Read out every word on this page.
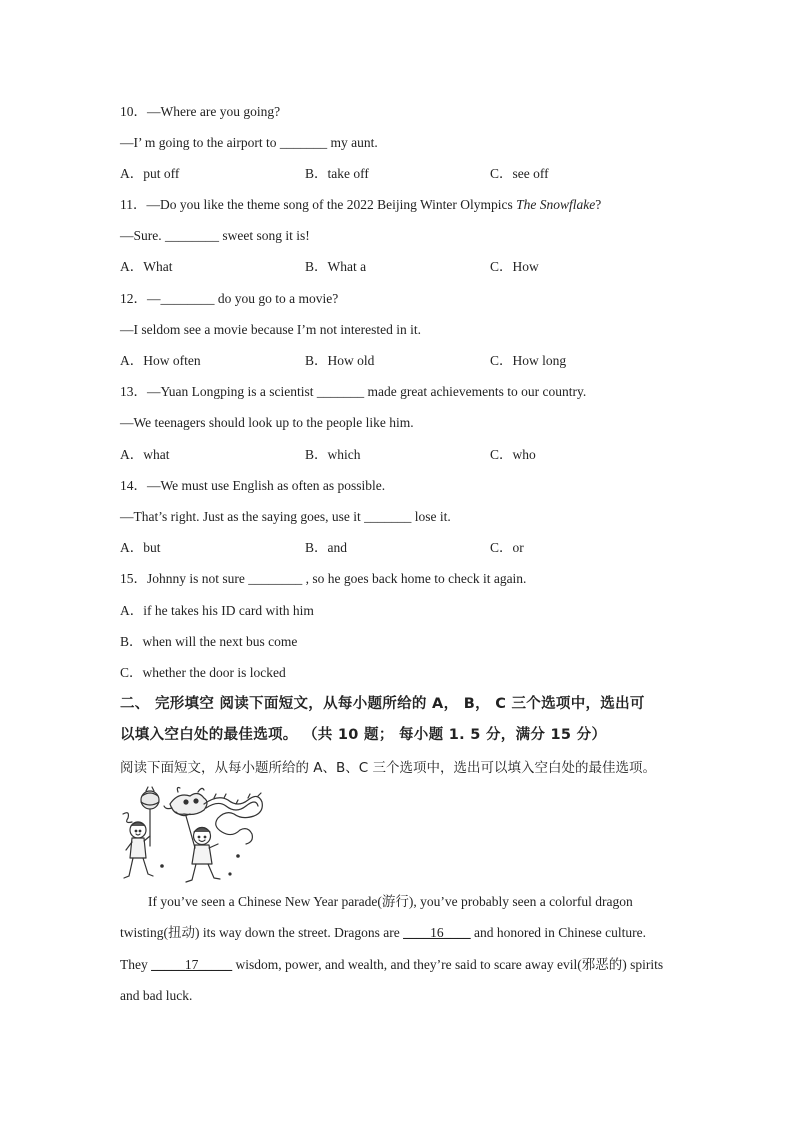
10．—Where are you going?
—I’ m going to the airport to _______ my aunt.
A．put off	B．take off	C．see off
11．—Do you like the theme song of the 2022 Beijing Winter Olympics The Snowflake?
—Sure. ________ sweet song it is!
A．What	B．What a	C．How
12．—________ do you go to a movie?
—I seldom see a movie because I’m not interested in it.
A．How often	B．How old	C．How long
13．—Yuan Longping is a scientist _______ made great achievements to our country.
—We teenagers should look up to the people like him.
A．what	B．which	C．who
14．—We must use English as often as possible.
—That’s right. Just as the saying goes, use it _______ lose it.
A．but	B．and	C．or
15．Johnny is not sure ________ , so he goes back home to check it again.
A．if he takes his ID card with him
B．when will the next bus come
C．whether the door is locked
二、 完形填空 阅读下面短文，从每小题所给的 A， B， C 三个选项中，选出可
以填入空白处的最佳选项。 （共 10 题； 每小题 1. 5 分，满分 15 分）
阅读下面短文，从每小题所给的 A、B、C 三个选项中，选出可以填入空白处的最佳选项。
If you’ve seen a Chinese New Year parade(游行), you’ve probably seen a colorful dragon
twisting(扭动) its way down the street. Dragons are ____16____ and honored in Chinese culture.
They _____17_____ wisdom, power, and wealth, and they’re said to scare away evil(邪恶的) spirits
and bad luck.
